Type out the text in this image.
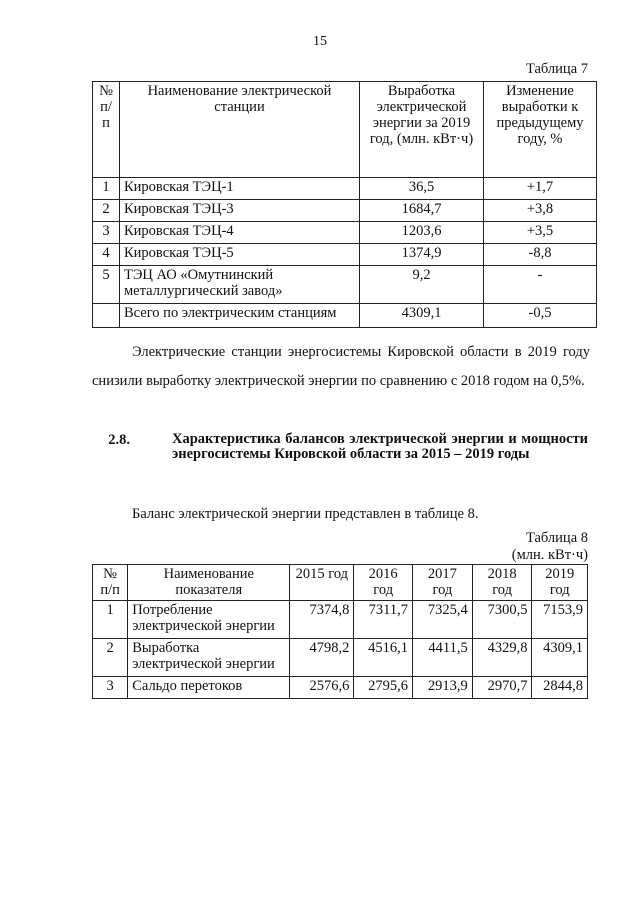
15
Таблица 7
№ п/п	Наименование электрической станции	Выработка электрической энергии за 2019 год, (млн. кВт·ч)	Изменение выработки к предыдущему году, %
1	Кировская ТЭЦ-1	36,5	+1,7
2	Кировская ТЭЦ-3	1684,7	+3,8
3	Кировская ТЭЦ-4	1203,6	+3,5
4	Кировская ТЭЦ-5	1374,9	-8,8
5	ТЭЦ АО «Омутнинский металлургический завод»	9,2	-
	Всего по электрическим станциям	4309,1	-0,5
Электрические станции энергосистемы Кировской области в 2019 году снизили выработку электрической энергии по сравнению с 2018 годом на 0,5%.
2.8.	Характеристика балансов электрической энергии и мощности энергосистемы Кировской области за 2015 – 2019 годы
Баланс электрической энергии представлен в таблице 8.
Таблица 8
(млн. кВт·ч)
№ п/п	Наименование показателя	2015 год	2016 год	2017 год	2018 год	2019 год
1	Потребление электрической энергии	7374,8	7311,7	7325,4	7300,5	7153,9
2	Выработка электрической энергии	4798,2	4516,1	4411,5	4329,8	4309,1
3	Сальдо перетоков	2576,6	2795,6	2913,9	2970,7	2844,8
